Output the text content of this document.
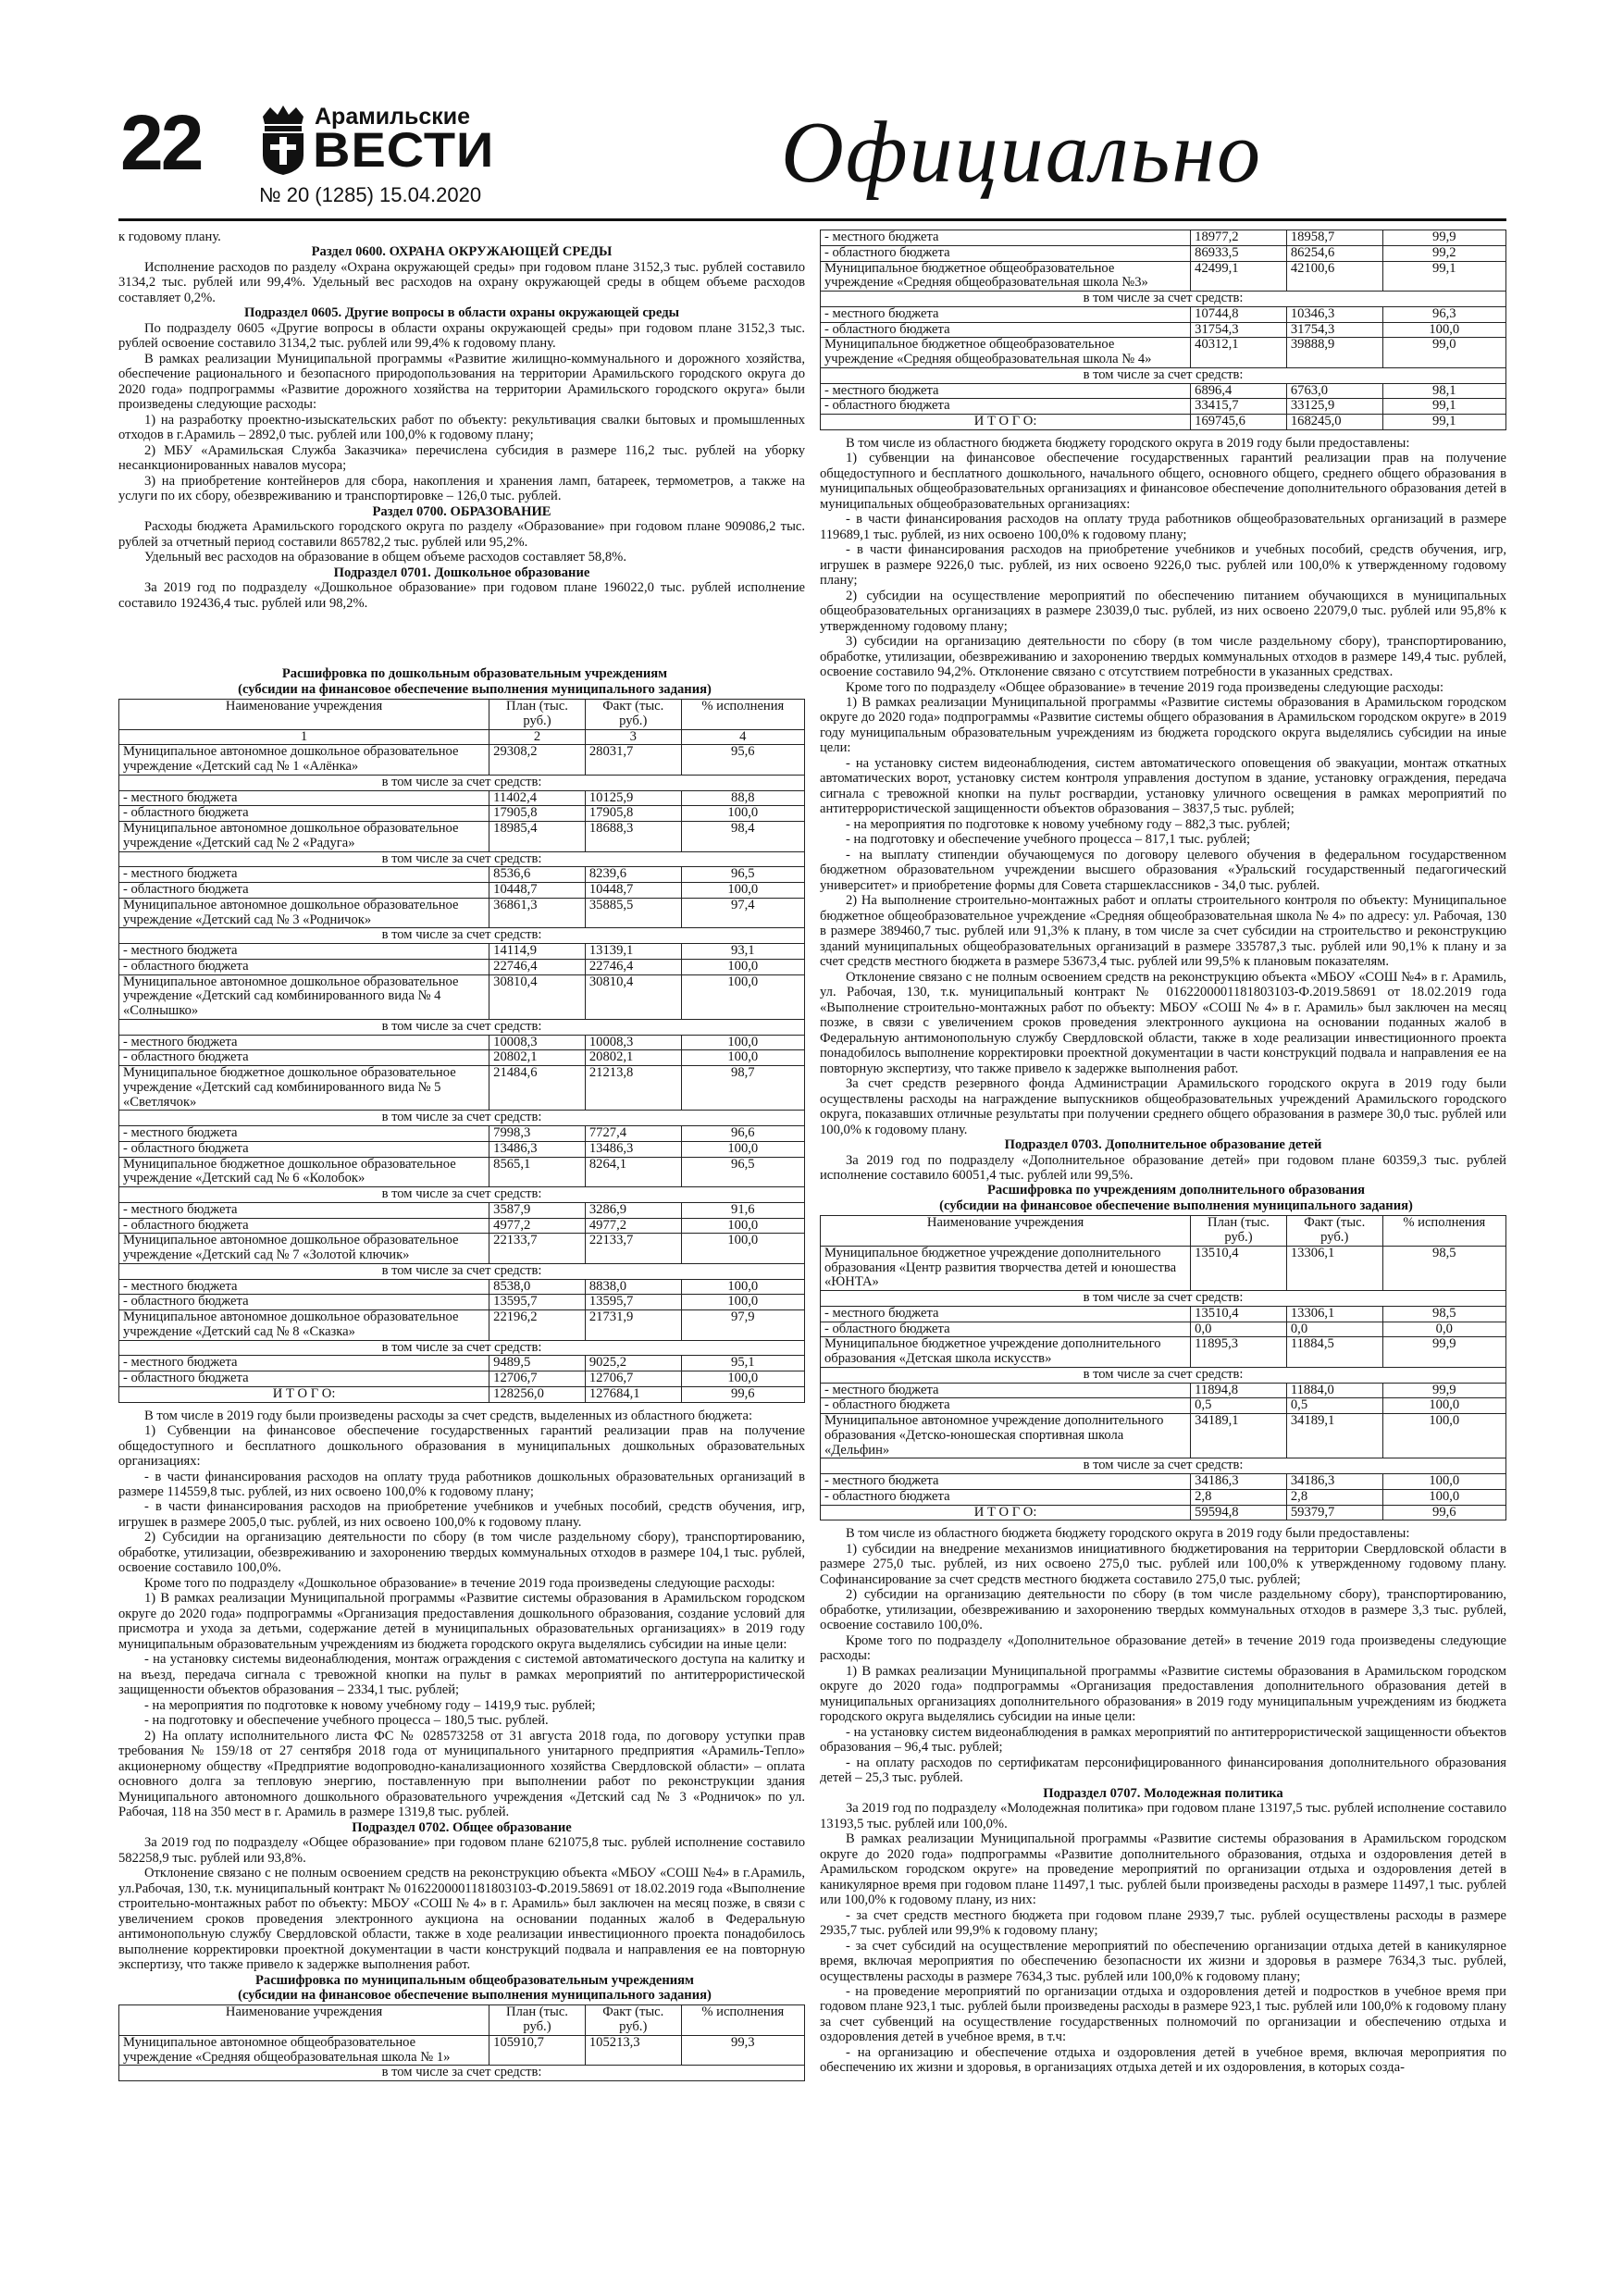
22	Арамильские
ВЕСТИ
№ 20 (1285) 15.04.2020	Официально

к годовому плану.

Раздел 0600. ОХРАНА ОКРУЖАЮЩЕЙ СРЕДЫ

Исполнение расходов по разделу «Охрана окружающей среды» при годовом плане 3152,3 тыс. рублей составило 3134,2 тыс. рублей или 99,4%. Удельный вес расходов на охрану окружающей среды в общем объеме расходов составляет 0,2%.

Подраздел 0605. Другие вопросы в области охраны окружающей среды

По подразделу 0605 «Другие вопросы в области охраны окружающей среды» при годовом плане 3152,3 тыс. рублей освоение составило 3134,2 тыс. рублей или 99,4% к годовому плану.

В рамках реализации Муниципальной программы «Развитие жилищно-коммунального и дорожного хозяйства, обеспечение рационального и безопасного природопользования на территории Арамильского городского округа до 2020 года» подпрограммы «Развитие дорожного хозяйства на территории Арамильского городского округа» были произведены следующие расходы:

1) на разработку проектно-изыскательских работ по объекту: рекультивация свалки бытовых и промышленных отходов в г.Арамиль – 2892,0 тыс. рублей или 100,0% к годовому плану;

2) МБУ «Арамильская Служба Заказчика» перечислена субсидия в размере 116,2 тыс. рублей на уборку несанкционированных навалов мусора;

3) на приобретение контейнеров для сбора, накопления и хранения ламп, батареек, термометров, а также на услуги по их сбору, обезвреживанию и транспортировке – 126,0 тыс. рублей.

Раздел 0700. ОБРАЗОВАНИЕ

Расходы бюджета Арамильского городского округа по разделу «Образование» при годовом плане 909086,2 тыс. рублей за отчетный период составили 865782,2 тыс. рублей или 95,2%.

Удельный вес расходов на образование в общем объеме расходов составляет 58,8%.

Подраздел 0701. Дошкольное образование

За 2019 год по подразделу «Дошкольное образование» при годовом плане 196022,0 тыс. рублей исполнение составило 192436,4 тыс. рублей или 98,2%.

Расшифровка по дошкольным образовательным учреждениям

(субсидии на финансовое обеспечение выполнения муниципального задания)

Наименование учреждения	План (тыс. руб.)	Факт (тыс. руб.)	% исполнения
1	2	3	4
Муниципальное автономное дошкольное образовательное учреждение «Детский сад № 1 «Алёнка»	29308,2	28031,7	95,6
в том числе за счет средств:			
- местного бюджета	11402,4	10125,9	88,8
- областного бюджета	17905,8	17905,8	100,0
Муниципальное автономное дошкольное образовательное учреждение «Детский сад № 2 «Радуга»	18985,4	18688,3	98,4
в том числе за счет средств:			
- местного бюджета	8536,6	8239,6	96,5
- областного бюджета	10448,7	10448,7	100,0
Муниципальное автономное дошкольное образовательное учреждение «Детский сад № 3 «Родничок»	36861,3	35885,5	97,4
в том числе за счет средств:			
- местного бюджета	14114,9	13139,1	93,1
- областного бюджета	22746,4	22746,4	100,0
Муниципальное автономное дошкольное образовательное учреждение «Детский сад комбинированного вида № 4 «Солнышко»	30810,4	30810,4	100,0
в том числе за счет средств:			
- местного бюджета	10008,3	10008,3	100,0
- областного бюджета	20802,1	20802,1	100,0
Муниципальное бюджетное дошкольное образовательное учреждение «Детский сад комбинированного вида № 5 «Светлячок»	21484,6	21213,8	98,7
в том числе за счет средств:			
- местного бюджета	7998,3	7727,4	96,6
- областного бюджета	13486,3	13486,3	100,0
Муниципальное бюджетное дошкольное образовательное учреждение «Детский сад № 6 «Колобок»	8565,1	8264,1	96,5
в том числе за счет средств:			
- местного бюджета	3587,9	3286,9	91,6
- областного бюджета	4977,2	4977,2	100,0
Муниципальное автономное дошкольное образовательное учреждение «Детский сад № 7 «Золотой ключик»	22133,7	22133,7	100,0
в том числе за счет средств:			
- местного бюджета	8538,0	8838,0	100,0
- областного бюджета	13595,7	13595,7	100,0
Муниципальное автономное дошкольное образовательное учреждение «Детский сад № 8 «Сказка»	22196,2	21731,9	97,9
в том числе за счет средств:			
- местного бюджета	9489,5	9025,2	95,1
- областного бюджета	12706,7	12706,7	100,0
И Т О Г О:	128256,0	127684,1	99,6

В том числе в 2019 году были произведены расходы за счет средств, выделенных из областного бюджета:

1) Субвенции на финансовое обеспечение государственных гарантий реализации прав на получение общедоступного и бесплатного дошкольного образования в муниципальных дошкольных образовательных организациях:

- в части финансирования расходов на оплату труда работников дошкольных образовательных организаций в размере 114559,8 тыс. рублей, из них освоено 100,0% к годовому плану;

- в части финансирования расходов на приобретение учебников и учебных пособий, средств обучения, игр, игрушек в размере 2005,0 тыс. рублей, из них освоено 100,0% к годовому плану.

2) Субсидии на организацию деятельности по сбору (в том числе раздельному сбору), транспортированию, обработке, утилизации, обезвреживанию и захоронению твердых коммунальных отходов в размере 104,1 тыс. рублей, освоение составило 100,0%.

Кроме того по подразделу «Дошкольное образование» в течение 2019 года произведены следующие расходы:

1) В рамках реализации Муниципальной программы «Развитие системы образования в Арамильском городском округе до 2020 года» подпрограммы «Организация предоставления дошкольного образования, создание условий для присмотра и ухода за детьми, содержание детей в муниципальных образовательных организациях» в 2019 году муниципальным образовательным учреждениям из бюджета городского округа выделялись субсидии на иные цели:

- на установку системы видеонаблюдения, монтаж ограждения с системой автоматического доступа на калитку и на въезд, передача сигнала с тревожной кнопки на пульт в рамках мероприятий по антитеррористической защищенности объектов образования – 2334,1 тыс. рублей;

- на мероприятия по подготовке к новому учебному году – 1419,9 тыс. рублей;

- на подготовку и обеспечение учебного процесса – 180,5 тыс. рублей.

2) На оплату исполнительного листа ФС № 028573258 от 31 августа 2018 года, по договору уступки прав требования № 159/18 от 27 сентября 2018 года от муниципального унитарного предприятия «Арамиль-Тепло» акционерному обществу «Предприятие водопроводно-канализационного хозяйства Свердловской области» – оплата основного долга за тепловую энергию, поставленную при выполнении работ по реконструкции здания Муниципального автономного дошкольного образовательного учреждения «Детский сад № 3 «Родничок» по ул. Рабочая, 118 на 350 мест в г. Арамиль в размере 1319,8 тыс. рублей.

Подраздел 0702. Общее образование

За 2019 год по подразделу «Общее образование» при годовом плане 621075,8 тыс. рублей исполнение составило 582258,9 тыс. рублей или 93,8%.

Отклонение связано с не полным освоением средств на реконструкцию объекта «МБОУ «СОШ №4» в г.Арамиль, ул.Рабочая, 130, т.к. муниципальный контракт № 0162200001181803103-Ф.2019.58691 от 18.02.2019 года «Выполнение строительно-монтажных работ по объекту: МБОУ «СОШ № 4» в г. Арамиль» был заключен на месяц позже, в связи с увеличением сроков проведения электронного аукциона на основании поданных жалоб в Федеральную антимонопольную службу Свердловской области, также в ходе реализации инвестиционного проекта понадобилось выполнение корректировки проектной документации в части конструкций подвала и направления ее на повторную экспертизу, что также привело к задержке выполнения работ.

Расшифровка по муниципальным общеобразовательным учреждениям

(субсидии на финансовое обеспечение выполнения муниципального задания)

Наименование учреждения	План (тыс. руб.)	Факт (тыс. руб.)	% исполнения
Муниципальное автономное общеобразовательное учреждение «Средняя общеобразовательная школа № 1»	105910,7	105213,3	99,3
в том числе за счет средств:			
- местного бюджета	18977,2	18958,7	99,9
- областного бюджета	86933,5	86254,6	99,2
Муниципальное бюджетное общеобразовательное учреждение «Средняя общеобразовательная школа №3»	42499,1	42100,6	99,1
в том числе за счет средств:			
- местного бюджета	10744,8	10346,3	96,3
- областного бюджета	31754,3	31754,3	100,0
Муниципальное бюджетное общеобразовательное учреждение «Средняя общеобразовательная школа № 4»	40312,1	39888,9	99,0
в том числе за счет средств:			
- местного бюджета	6896,4	6763,0	98,1
- областного бюджета	33415,7	33125,9	99,1
И Т О Г О:	169745,6	168245,0	99,1

В том числе из областного бюджета бюджету городского округа в 2019 году были предоставлены:

1) субвенции на финансовое обеспечение государственных гарантий реализации прав на получение общедоступного и бесплатного дошкольного, начального общего, основного общего, среднего общего образования в муниципальных общеобразовательных организациях и финансовое обеспечение дополнительного образования детей в муниципальных общеобразовательных организациях:

- в части финансирования расходов на оплату труда работников общеобразовательных организаций в размере 119689,1 тыс. рублей, из них освоено 100,0% к годовому плану;

- в части финансирования расходов на приобретение учебников и учебных пособий, средств обучения, игр, игрушек в размере 9226,0 тыс. рублей, из них освоено 9226,0 тыс. рублей или 100,0% к утвержденному годовому плану;

2) субсидии на осуществление мероприятий по обеспечению питанием обучающихся в муниципальных общеобразовательных организациях в размере 23039,0 тыс. рублей, из них освоено 22079,0 тыс. рублей или 95,8% к утвержденному годовому плану;

3) субсидии на организацию деятельности по сбору (в том числе раздельному сбору), транспортированию, обработке, утилизации, обезвреживанию и захоронению твердых коммунальных отходов в размере 149,4 тыс. рублей, освоение составило 94,2%. Отклонение связано с отсутствием потребности в указанных средствах.

Кроме того по подразделу «Общее образование» в течение 2019 года произведены следующие расходы:

1) В рамках реализации Муниципальной программы «Развитие системы образования в Арамильском городском округе до 2020 года» подпрограммы «Развитие системы общего образования в Арамильском городском округе» в 2019 году муниципальным образовательным учреждениям из бюджета городского округа выделялись субсидии на иные цели:

- на установку систем видеонаблюдения, систем автоматического оповещения об эвакуации, монтаж откатных автоматических ворот, установку систем контроля управления доступом в здание, установку ограждения, передача сигнала с тревожной кнопки на пульт росгвардии, установку уличного освещения в рамках мероприятий по антитеррористической защищенности объектов образования – 3837,5 тыс. рублей;

- на мероприятия по подготовке к новому учебному году – 882,3 тыс. рублей;

- на подготовку и обеспечение учебного процесса – 817,1 тыс. рублей;

- на выплату стипендии обучающемуся по договору целевого обучения в федеральном государственном бюджетном образовательном учреждении высшего образования «Уральский государственный педагогический университет» и приобретение формы для Совета старшеклассников - 34,0 тыс. рублей.

2) На выполнение строительно-монтажных работ и оплаты строительного контроля по объекту: Муниципальное бюджетное общеобразовательное учреждение «Средняя общеобразовательная школа № 4» по адресу: ул. Рабочая, 130 в размере 389460,7 тыс. рублей или 91,3% к плану, в том числе за счет субсидии на строительство и реконструкцию зданий муниципальных общеобразовательных организаций в размере 335787,3 тыс. рублей или 90,1% к плану и за счет средств местного бюджета в размере 53673,4 тыс. рублей или 99,5% к плановым показателям.

Отклонение связано с не полным освоением средств на реконструкцию объекта «МБОУ «СОШ №4» в г. Арамиль, ул. Рабочая, 130, т.к. муниципальный контракт № 0162200001181803103-Ф.2019.58691 от 18.02.2019 года «Выполнение строительно-монтажных работ по объекту: МБОУ «СОШ № 4» в г. Арамиль» был заключен на месяц позже, в связи с увеличением сроков проведения электронного аукциона на основании поданных жалоб в Федеральную антимонопольную службу Свердловской области, также в ходе реализации инвестиционного проекта понадобилось выполнение корректировки проектной документации в части конструкций подвала и направления ее на повторную экспертизу, что также привело к задержке выполнения работ.

За счет средств резервного фонда Администрации Арамильского городского округа в 2019 году были осуществлены расходы на награждение выпускников общеобразовательных учреждений Арамильского городского округа, показавших отличные результаты при получении среднего общего образования в размере 30,0 тыс. рублей или 100,0% к годовому плану.

Подраздел 0703. Дополнительное образование детей

За 2019 год по подразделу «Дополнительное образование детей» при годовом плане 60359,3 тыс. рублей исполнение составило 60051,4 тыс. рублей или 99,5%.

Расшифровка по учреждениям дополнительного образования

(субсидии на финансовое обеспечение выполнения муниципального задания)

Наименование учреждения	План (тыс. руб.)	Факт (тыс. руб.)	% исполнения
Муниципальное бюджетное учреждение дополнительного образования «Центр развития творчества детей и юношества «ЮНТА»	13510,4	13306,1	98,5
в том числе за счет средств:			
- местного бюджета	13510,4	13306,1	98,5
- областного бюджета	0,0	0,0	0,0
Муниципальное бюджетное учреждение дополнительного образования «Детская школа искусств»	11895,3	11884,5	99,9
в том числе за счет средств:			
- местного бюджета	11894,8	11884,0	99,9
- областного бюджета	0,5	0,5	100,0
Муниципальное автономное учреждение дополнительного образования «Детско-юношеская спортивная школа «Дельфин»	34189,1	34189,1	100,0
в том числе за счет средств:			
- местного бюджета	34186,3	34186,3	100,0
- областного бюджета	2,8	2,8	100,0
И Т О Г О:	59594,8	59379,7	99,6

В том числе из областного бюджета бюджету городского округа в 2019 году были предоставлены:

1) субсидии на внедрение механизмов инициативного бюджетирования на территории Свердловской области в размере 275,0 тыс. рублей, из них освоено 275,0 тыс. рублей или 100,0% к утвержденному годовому плану. Софинансирование за счет средств местного бюджета составило 275,0 тыс. рублей;

2) субсидии на организацию деятельности по сбору (в том числе раздельному сбору), транспортированию, обработке, утилизации, обезвреживанию и захоронению твердых коммунальных отходов в размере 3,3 тыс. рублей, освоение составило 100,0%.

Кроме того по подразделу «Дополнительное образование детей» в течение 2019 года произведены следующие расходы:

1) В рамках реализации Муниципальной программы «Развитие системы образования в Арамильском городском округе до 2020 года» подпрограммы «Организация предоставления дополнительного образования детей в муниципальных организациях дополнительного образования» в 2019 году муниципальным учреждениям из бюджета городского округа выделялись субсидии на иные цели:

- на установку систем видеонаблюдения в рамках мероприятий по антитеррористической защищенности объектов образования – 96,4 тыс. рублей;

- на оплату расходов по сертификатам персонифицированного финансирования дополнительного образования детей – 25,3 тыс. рублей.

Подраздел 0707. Молодежная политика

За 2019 год по подразделу «Молодежная политика» при годовом плане 13197,5 тыс. рублей исполнение составило 13193,5 тыс. рублей или 100,0%.

В рамках реализации Муниципальной программы «Развитие системы образования в Арамильском городском округе до 2020 года» подпрограммы «Развитие дополнительного образования, отдыха и оздоровления детей в Арамильском городском округе» на проведение мероприятий по организации отдыха и оздоровления детей в каникулярное время при годовом плане 11497,1 тыс. рублей были произведены расходы в размере 11497,1 тыс. рублей или 100,0% к годовому плану, из них:

- за счет средств местного бюджета при годовом плане 2939,7 тыс. рублей осуществлены расходы в размере 2935,7 тыс. рублей или 99,9% к годовому плану;

- за счет субсидий на осуществление мероприятий по обеспечению организации отдыха детей в каникулярное время, включая мероприятия по обеспечению безопасности их жизни и здоровья в размере 7634,3 тыс. рублей, осуществлены расходы в размере 7634,3 тыс. рублей или 100,0% к годовому плану;

- на проведение мероприятий по организации отдыха и оздоровления детей и подростков в учебное время при годовом плане 923,1 тыс. рублей были произведены расходы в размере 923,1 тыс. рублей или 100,0% к годовому плану за счет субвенций на осуществление государственных полномочий по организации и обеспечению отдыха и оздоровления детей в учебное время, в т.ч:

- на организацию и обеспечение отдыха и оздоровления детей в учебное время, включая мероприятия по обеспечению их жизни и здоровья, в организациях отдыха детей и их оздоровления, в которых созда-
